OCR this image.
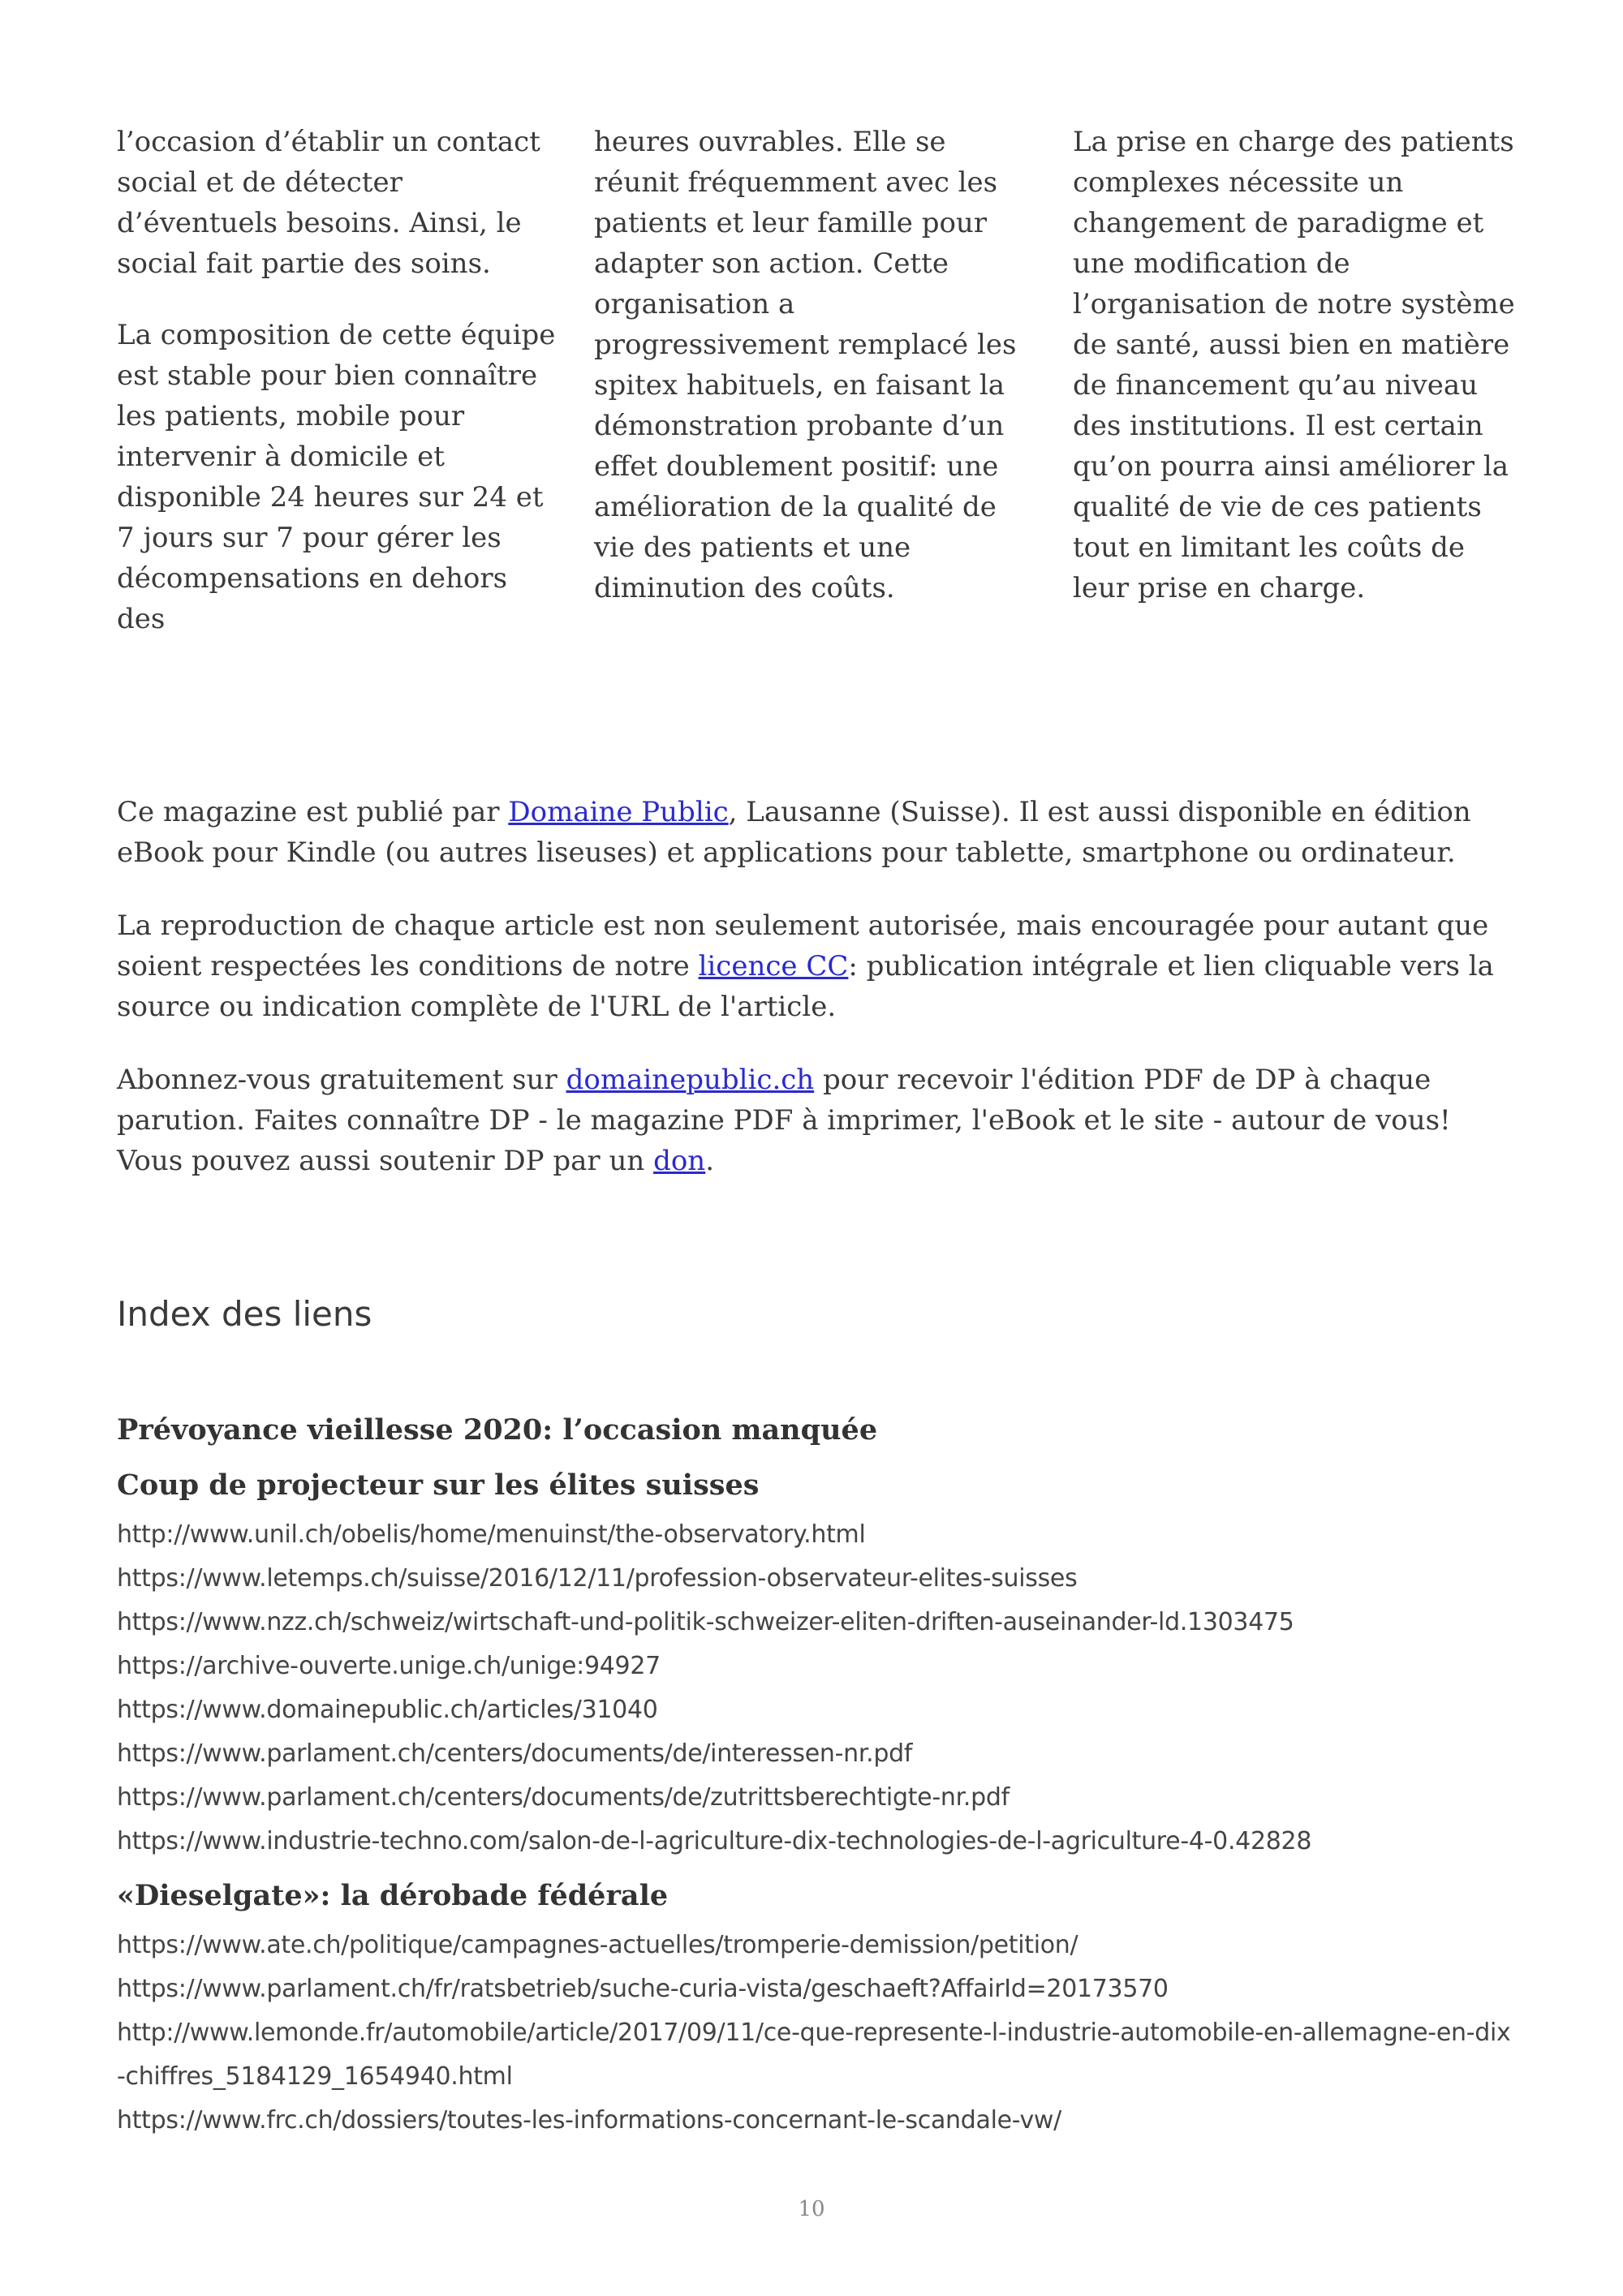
l’occasion d’établir un contact social et de détecter d’éventuels besoins. Ainsi, le social fait partie des soins.

La composition de cette équipe est stable pour bien connaître les patients, mobile pour intervenir à domicile et disponible 24 heures sur 24 et 7 jours sur 7 pour gérer les décompensations en dehors des

heures ouvrables. Elle se réunit fréquemment avec les patients et leur famille pour adapter son action. Cette organisation a progressivement remplacé les spitex habituels, en faisant la démonstration probante d’un effet doublement positif: une amélioration de la qualité de vie des patients et une diminution des coûts.

La prise en charge des patients complexes nécessite un changement de paradigme et une modification de l’organisation de notre système de santé, aussi bien en matière de financement qu’au niveau des institutions. Il est certain qu’on pourra ainsi améliorer la qualité de vie de ces patients tout en limitant les coûts de leur prise en charge.

Ce magazine est publié par Domaine Public, Lausanne (Suisse). Il est aussi disponible en édition eBook pour Kindle (ou autres liseuses) et applications pour tablette, smartphone ou ordinateur.

La reproduction de chaque article est non seulement autorisée, mais encouragée pour autant que soient respectées les conditions de notre licence CC: publication intégrale et lien cliquable vers la source ou indication complète de l'URL de l'article.

Abonnez-vous gratuitement sur domainepublic.ch pour recevoir l'édition PDF de DP à chaque parution. Faites connaître DP - le magazine PDF à imprimer, l'eBook et le site - autour de vous! Vous pouvez aussi soutenir DP par un don.

Index des liens
Prévoyance vieillesse 2020: l’occasion manquée
Coup de projecteur sur les élites suisses
http://www.unil.ch/obelis/home/menuinst/the-observatory.html
https://www.letemps.ch/suisse/2016/12/11/profession-observateur-elites-suisses
https://www.nzz.ch/schweiz/wirtschaft-und-politik-schweizer-eliten-driften-auseinander-ld.1303475
https://archive-ouverte.unige.ch/unige:94927
https://www.domainepublic.ch/articles/31040
https://www.parlament.ch/centers/documents/de/interessen-nr.pdf
https://www.parlament.ch/centers/documents/de/zutrittsberechtigte-nr.pdf
https://www.industrie-techno.com/salon-de-l-agriculture-dix-technologies-de-l-agriculture-4-0.42828
«Dieselgate»: la dérobade fédérale
https://www.ate.ch/politique/campagnes-actuelles/tromperie-demission/petition/
https://www.parlament.ch/fr/ratsbetrieb/suche-curia-vista/geschaeft?AffairId=20173570
http://www.lemonde.fr/automobile/article/2017/09/11/ce-que-represente-l-industrie-automobile-en-allemagne-en-dix-chiffres_5184129_1654940.html
https://www.frc.ch/dossiers/toutes-les-informations-concernant-le-scandale-vw/
10
